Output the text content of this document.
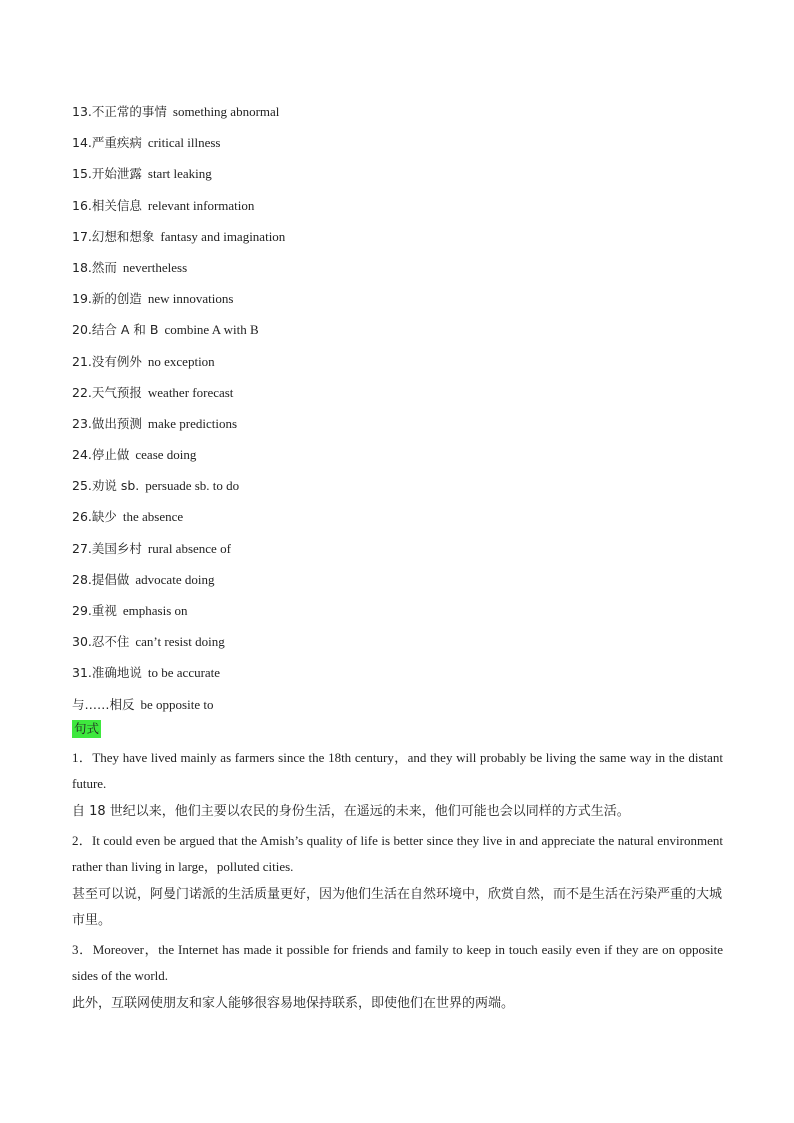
13.不正常的事情 something abnormal
14.严重疾病 critical illness
15.开始泄露 start leaking
16.相关信息 relevant information
17.幻想和想象 fantasy and imagination
18.然而 nevertheless
19.新的创造 new innovations
20.结合 A 和 B combine A with B
21.没有例外 no exception
22.天气预报 weather forecast
23.做出预测 make predictions
24.停止做 cease doing
25.劝说 sb. persuade sb. to do
26.缺少 the absence
27.美国乡村 rural absence of
28.提倡做 advocate doing
29.重视 emphasis on
30.忍不住 can’t resist doing
31.准确地说 to be accurate
与……相反 be opposite to
句式

1．They have lived mainly as farmers since the 18th century，and they will probably be living the same way in the distant future.

自 18 世纪以来，他们主要以农民的身份生活，在遥远的未来，他们可能也会以同样的方式生活。

2．It could even be argued that the Amish’s quality of life is better since they live in and appreciate the natural environment rather than living in large，polluted cities.

甚至可以说，阿曼门诺派的生活质量更好，因为他们生活在自然环境中，欣赏自然，而不是生活在污染严重的大城市里。

3．Moreover，the Internet has made it possible for friends and family to keep in touch easily even if they are on opposite sides of the world.

此外，互联网使朋友和家人能够很容易地保持联系，即使他们在世界的两端。
